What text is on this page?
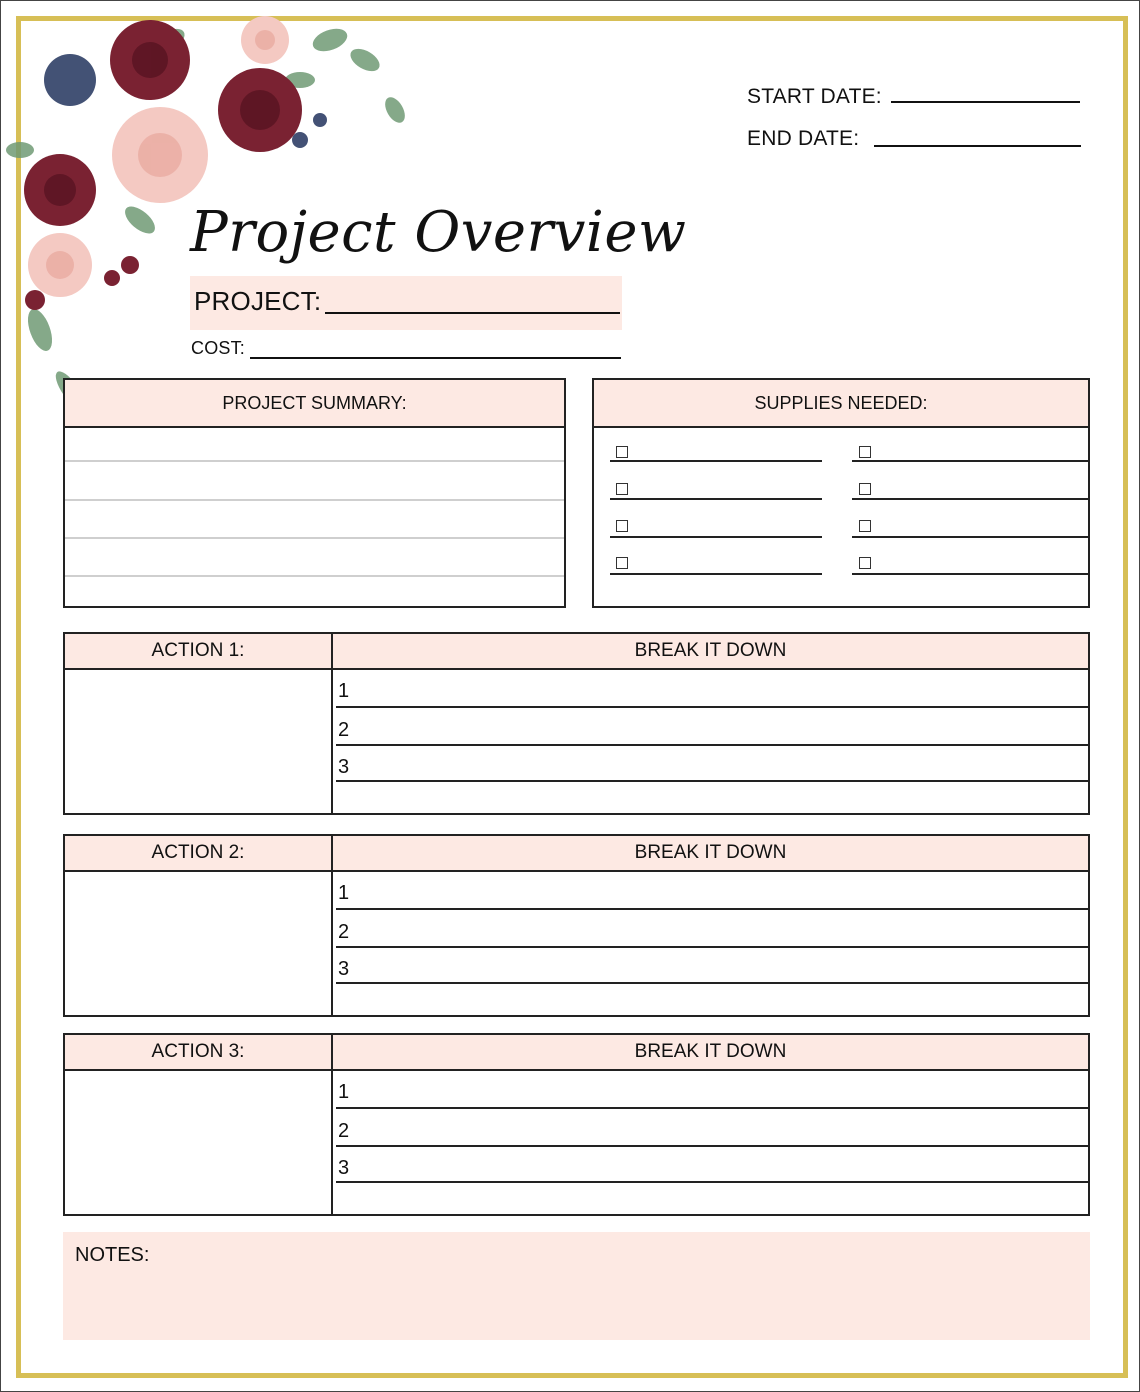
START DATE:
END DATE:
Project Overview
PROJECT:
COST:
PROJECT SUMMARY:	SUPPLIES NEEDED:
ACTION 1:	BREAK IT DOWN
1
2
3
ACTION 2:	BREAK IT DOWN
1
2
3
ACTION 3:	BREAK IT DOWN
1
2
3
NOTES:
